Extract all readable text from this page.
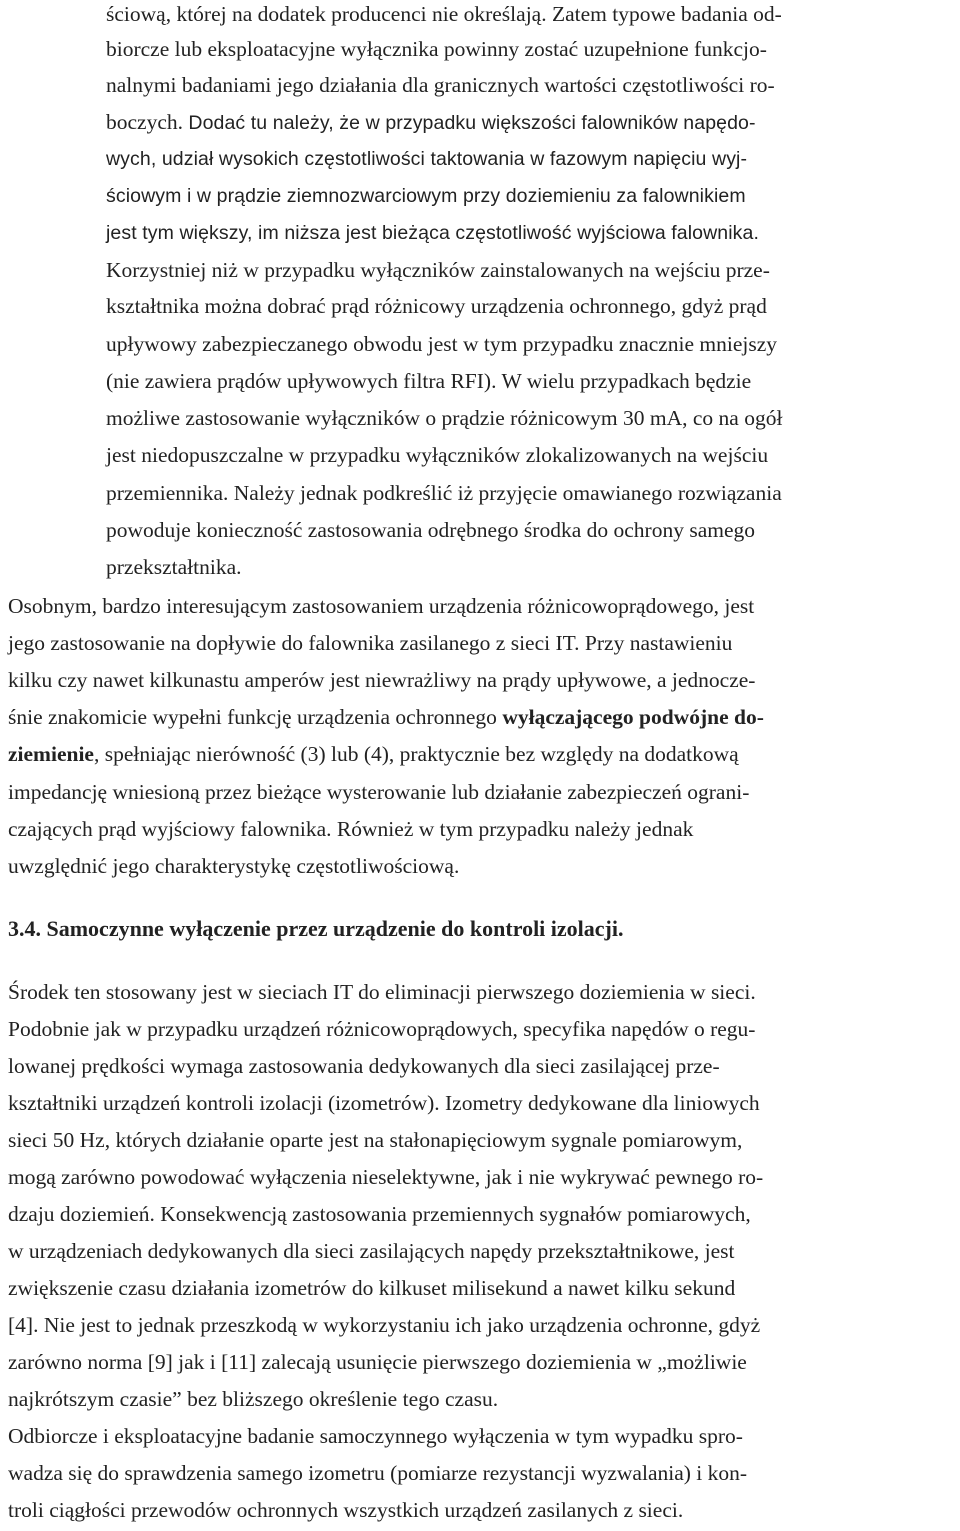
ściową, której na dodatek producenci nie określają. Zatem typowe badania od-

biorcze lub eksploatacyjne wyłącznika powinny zostać uzupełnione funkcjo-

nalnymi badaniami jego działania dla granicznych wartości częstotliwości ro-

boczych. Dodać tu należy, że w przypadku większości falowników napędo-

wych, udział wysokich częstotliwości taktowania w fazowym napięciu wyj-

ściowym i w prądzie ziemnozwarciowym przy doziemieniu za falownikiem

jest tym większy, im niższa jest bieżąca częstotliwość wyjściowa falownika.

Korzystniej niż w przypadku wyłączników zainstalowanych na wejściu prze-

kształtnika można dobrać prąd różnicowy urządzenia ochronnego, gdyż prąd

upływowy zabezpieczanego obwodu jest w tym przypadku znacznie mniejszy

(nie zawiera prądów upływowych filtra RFI). W wielu przypadkach będzie

możliwe zastosowanie wyłączników o prądzie różnicowym 30 mA, co na ogół

jest niedopuszczalne w przypadku wyłączników zlokalizowanych na wejściu

przemiennika. Należy jednak podkreślić iż przyjęcie omawianego rozwiązania

powoduje konieczność zastosowania odrębnego środka do ochrony samego

przekształtnika.

Osobnym, bardzo interesującym zastosowaniem urządzenia różnicowoprądowego, jest

jego zastosowanie na dopływie do falownika zasilanego z sieci IT. Przy nastawieniu

kilku czy nawet kilkunastu amperów jest niewrażliwy na prądy upływowe, a jednocze-

śnie znakomicie wypełni funkcję urządzenia ochronnego wyłączającego podwójne do-

ziemienie, spełniając nierówność (3) lub (4), praktycznie bez względy na dodatkową

impedancję wniesioną przez bieżące wysterowanie lub działanie zabezpieczeń ograni-

czających prąd wyjściowy falownika. Również w tym przypadku należy jednak

uwzględnić jego charakterystykę częstotliwościową.

3.4. Samoczynne wyłączenie przez urządzenie do kontroli izolacji.

Środek ten stosowany jest w sieciach IT do eliminacji pierwszego doziemienia w sieci.

Podobnie jak w przypadku urządzeń różnicowoprądowych, specyfika napędów o regu-

lowanej prędkości wymaga zastosowania dedykowanych dla sieci zasilającej prze-

kształtniki urządzeń kontroli izolacji (izometrów). Izometry dedykowane dla liniowych

sieci 50 Hz, których działanie oparte jest na stałonapięciowym sygnale pomiarowym,

mogą zarówno powodować wyłączenia nieselektywne, jak i nie wykrywać pewnego ro-

dzaju doziemień. Konsekwencją zastosowania przemiennych sygnałów pomiarowych,

w urządzeniach dedykowanych dla sieci zasilających napędy przekształtnikowe, jest

zwiększenie czasu działania izometrów do kilkuset milisekund a nawet kilku sekund

[4]. Nie jest to jednak przeszkodą w wykorzystaniu ich jako urządzenia ochronne, gdyż

zarówno norma [9] jak i [11] zalecają usunięcie pierwszego doziemienia w „możliwie

najkrótszym czasie” bez bliższego określenie tego czasu.

Odbiorcze i eksploatacyjne badanie samoczynnego wyłączenia w tym wypadku spro-

wadza się do sprawdzenia samego izometru (pomiarze rezystancji wyzwalania) i kon-

troli ciągłości przewodów ochronnych wszystkich urządzeń zasilanych z sieci.
